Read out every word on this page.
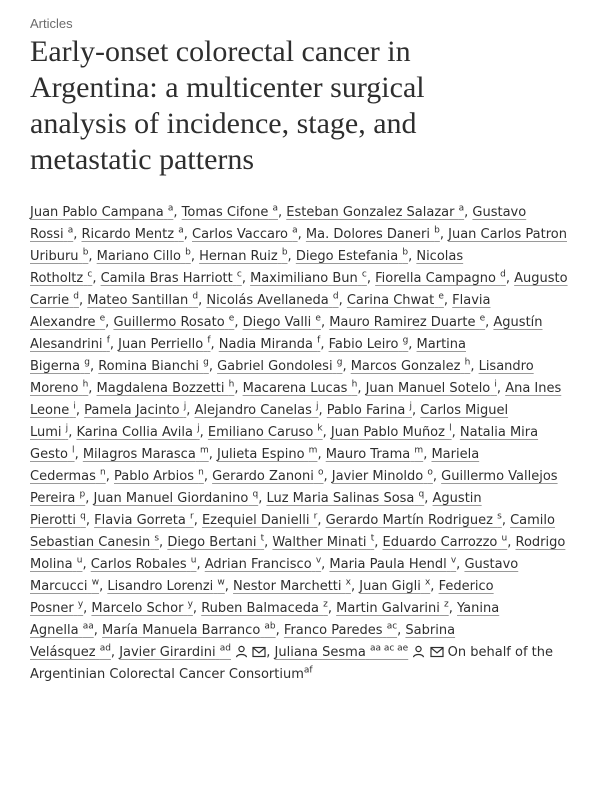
Articles
Early-onset colorectal cancer in Argentina: a multicenter surgical analysis of incidence, stage, and metastatic patterns
Juan Pablo Campana $^a$, Tomas Cifone $^a$, Esteban Gonzalez Salazar $^a$, Gustavo Rossi $^a$, Ricardo Mentz $^a$, Carlos Vaccaro $^a$, Ma. Dolores Daneri $^b$, Juan Carlos Patron Uriburu $^b$, Mariano Cillo $^b$, Hernan Ruiz $^b$, Diego Estefania $^b$, Nicolas Rotholtz $^c$, Camila Bras Harriott $^c$, Maximiliano Bun $^c$, Fiorella Campagno $^d$, Augusto Carrie $^d$, Mateo Santillan $^d$, Nicolás Avellaneda $^d$, Carina Chwat $^e$, Flavia Alexandre $^e$, Guillermo Rosato $^e$, Diego Valli $^e$, Mauro Ramirez Duarte $^e$, Agustín Alesandrini $^f$, Juan Perriello $^f$, Nadia Miranda $^f$, Fabio Leiro $^g$, Martina Bigerna $^g$, Romina Bianchi $^g$, Gabriel Gondolesi $^g$, Marcos Gonzalez $^h$, Lisandro Moreno $^h$, Magdalena Bozzetti $^h$, Macarena Lucas $^h$, Juan Manuel Sotelo $^i$, Ana Ines Leone $^i$, Pamela Jacinto $^j$, Alejandro Canelas $^j$, Pablo Farina $^j$, Carlos Miguel Lumi $^j$, Karina Collia Avila $^j$, Emiliano Caruso $^k$, Juan Pablo Muñoz $^l$, Natalia Mira Gesto $^l$, Milagros Marasca $^m$, Julieta Espino $^m$, Mauro Trama $^m$, Mariela Cedermas $^n$, Pablo Arbios $^n$, Gerardo Zanoni $^o$, Javier Minoldo $^o$, Guillermo Vallejos Pereira $^p$, Juan Manuel Giordanino $^q$, Luz Maria Salinas Sosa $^q$, Agustin Pierotti $^q$, Flavia Gorreta $^r$, Ezequiel Danielli $^r$, Gerardo Martín Rodriguez $^s$, Camilo Sebastian Canesin $^s$, Diego Bertani $^t$, Walther Minati $^t$, Eduardo Carrozzo $^u$, Rodrigo Molina $^u$, Carlos Robales $^u$, Adrian Francisco $^v$, Maria Paula Hendl $^v$, Gustavo Marcucci $^w$, Lisandro Lorenzi $^w$, Nestor Marchetti $^x$, Juan Gigli $^x$, Federico Posner $^y$, Marcelo Schor $^y$, Ruben Balmaceda $^z$, Martin Galvarini $^z$, Yanina Agnella $^{aa}$, María Manuela Barranco $^{ab}$, Franco Paredes $^{ac}$, Sabrina Velásquez $^{ad}$, Javier Girardini $^{ad}$
	, Juliana Sesma $^{aa ac ae}$
	On behalf of the Argentinian Colorectal Cancer Consortium$^{af}$
